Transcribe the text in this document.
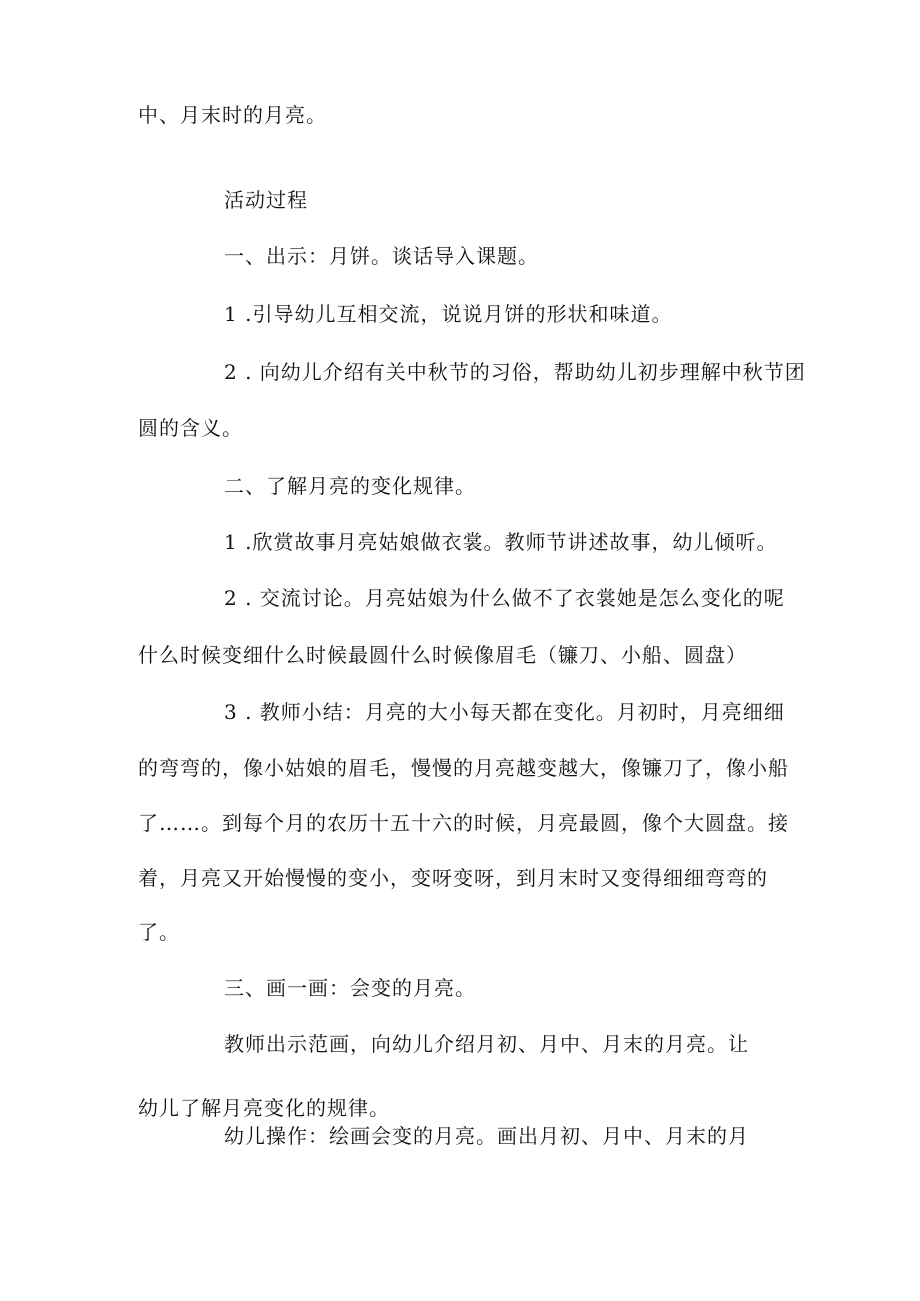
中、月末时的月亮。
活动过程
一、出示：月饼。谈话导入课题。
1 .引导幼儿互相交流，说说月饼的形状和味道。
2 . 向幼儿介绍有关中秋节的习俗，帮助幼儿初步理解中秋节团
圆的含义。
二、了解月亮的变化规律。
1 .欣赏故事月亮姑娘做衣裳。教师节讲述故事，幼儿倾听。
2 . 交流讨论。月亮姑娘为什么做不了衣裳她是怎么变化的呢
什么时候变细什么时候最圆什么时候像眉毛（镰刀、小船、圆盘）
3 . 教师小结：月亮的大小每天都在变化。月初时，月亮细细
的弯弯的，像小姑娘的眉毛，慢慢的月亮越变越大，像镰刀了，像小船
了……。到每个月的农历十五十六的时候，月亮最圆，像个大圆盘。接
着，月亮又开始慢慢的变小，变呀变呀，到月末时又变得细细弯弯的
了。
三、画一画：会变的月亮。
教师出示范画，向幼儿介绍月初、月中、月末的月亮。让
幼儿了解月亮变化的规律。
幼儿操作：绘画会变的月亮。画出月初、月中、月末的月
